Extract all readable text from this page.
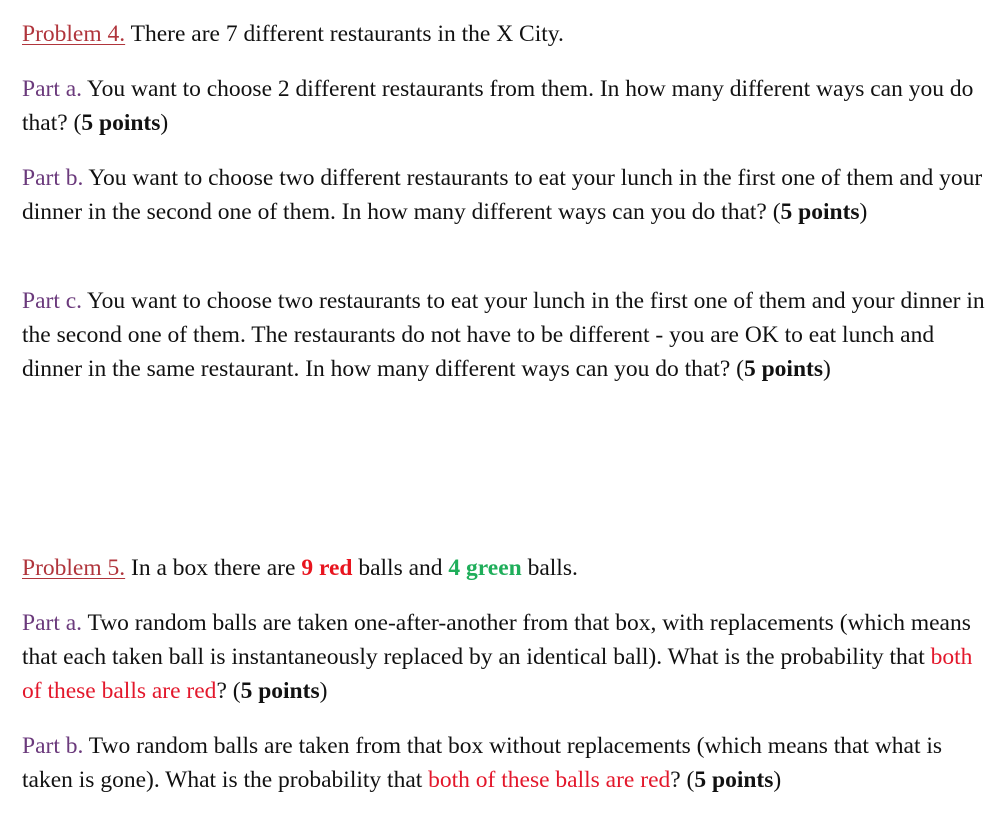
Problem 4. There are 7 different restaurants in the X City.

Part a. You want to choose 2 different restaurants from them. In how many different ways can you do that? (5 points)

Part b. You want to choose two different restaurants to eat your lunch in the first one of them and your dinner in the second one of them. In how many different ways can you do that? (5 points)

Part c. You want to choose two restaurants to eat your lunch in the first one of them and your dinner in the second one of them. The restaurants do not have to be different - you are OK to eat lunch and dinner in the same restaurant. In how many different ways can you do that? (5 points)

Problem 5. In a box there are 9 red balls and 4 green balls.

Part a. Two random balls are taken one-after-another from that box, with replacements (which means that each taken ball is instantaneously replaced by an identical ball). What is the probability that both of these balls are red? (5 points)

Part b. Two random balls are taken from that box without replacements (which means that what is taken is gone). What is the probability that both of these balls are red? (5 points)
